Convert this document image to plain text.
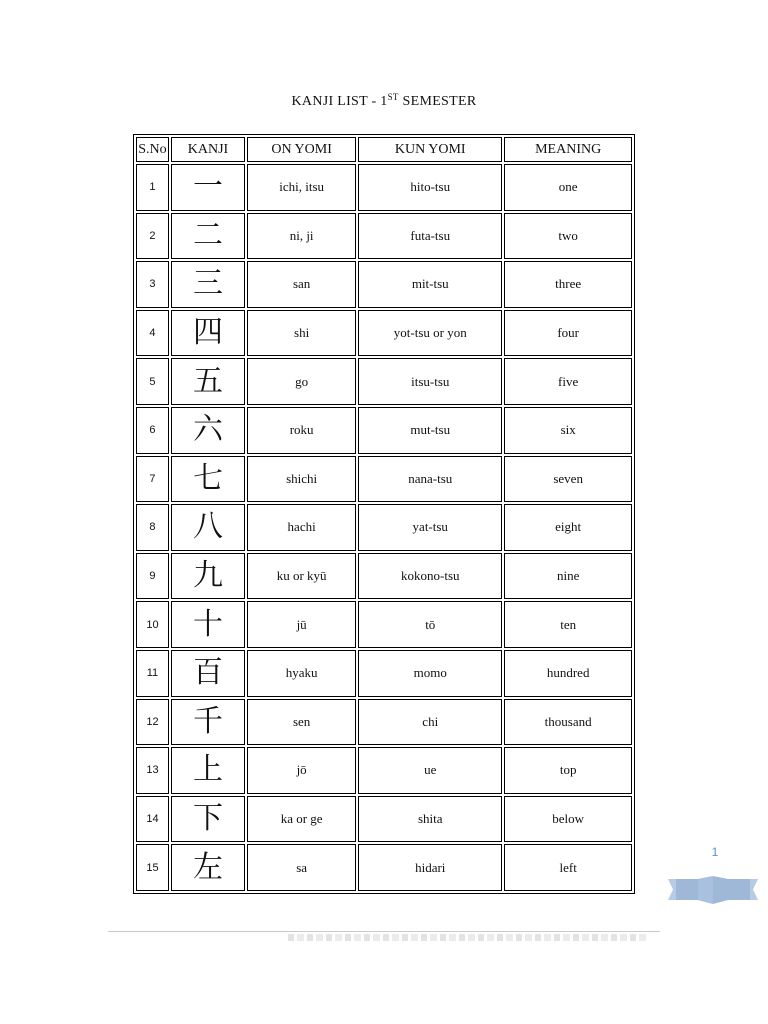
KANJI LIST - 1ST SEMESTER
S.No	KANJI	ON YOMI	KUN YOMI	MEANING
1	一	ichi, itsu	hito-tsu	one
2	二	ni, ji	futa-tsu	two
3	三	san	mit-tsu	three
4	四	shi	yot-tsu or yon	four
5	五	go	itsu-tsu	five
6	六	roku	mut-tsu	six
7	七	shichi	nana-tsu	seven
8	八	hachi	yat-tsu	eight
9	九	ku or kyū	kokono-tsu	nine
10	十	jū	tō	ten
11	百	hyaku	momo	hundred
12	千	sen	chi	thousand
13	上	jō	ue	top
14	下	ka or ge	shita	below
15	左	sa	hidari	left
1
